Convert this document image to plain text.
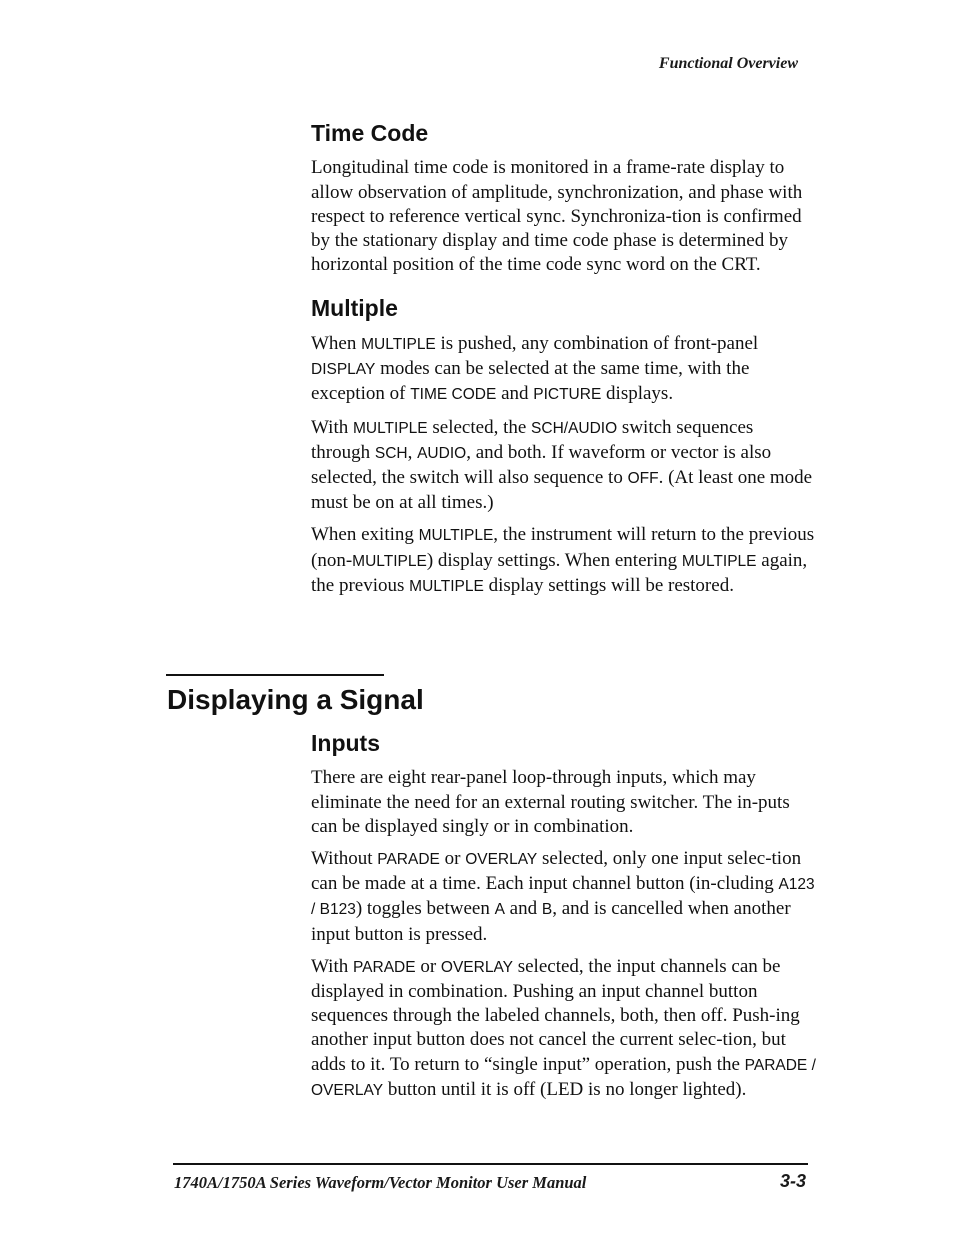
Functional Overview
Time Code

Longitudinal time code is monitored in a frame-rate display to allow observation of amplitude, synchronization, and phase with respect to reference vertical sync. Synchroniza-tion is confirmed by the stationary display and time code phase is determined by horizontal position of the time code sync word on the CRT.

Multiple

When MULTIPLE is pushed, any combination of front-panel DISPLAY modes can be selected at the same time, with the exception of TIME CODE and PICTURE displays.

With MULTIPLE selected, the SCH/AUDIO switch sequences through SCH, AUDIO, and both. If waveform or vector is also selected, the switch will also sequence to OFF. (At least one mode must be on at all times.)

When exiting MULTIPLE, the instrument will return to the previous (non-MULTIPLE) display settings. When entering MULTIPLE again, the previous MULTIPLE display settings will be restored.

Displaying a Signal
Inputs

There are eight rear-panel loop-through inputs, which may eliminate the need for an external routing switcher. The in-puts can be displayed singly or in combination.

Without PARADE or OVERLAY selected, only one input selec-tion can be made at a time. Each input channel button (in-cluding A123 / B123) toggles between A and B, and is cancelled when another input button is pressed.

With PARADE or OVERLAY selected, the input channels can be displayed in combination. Pushing an input channel button sequences through the labeled channels, both, then off. Push-ing another input button does not cancel the current selec-tion, but adds to it. To return to “single input” operation, push the PARADE / OVERLAY button until it is off (LED is no longer lighted).

1740A/1750A Series Waveform/Vector Monitor User Manual	3-3
